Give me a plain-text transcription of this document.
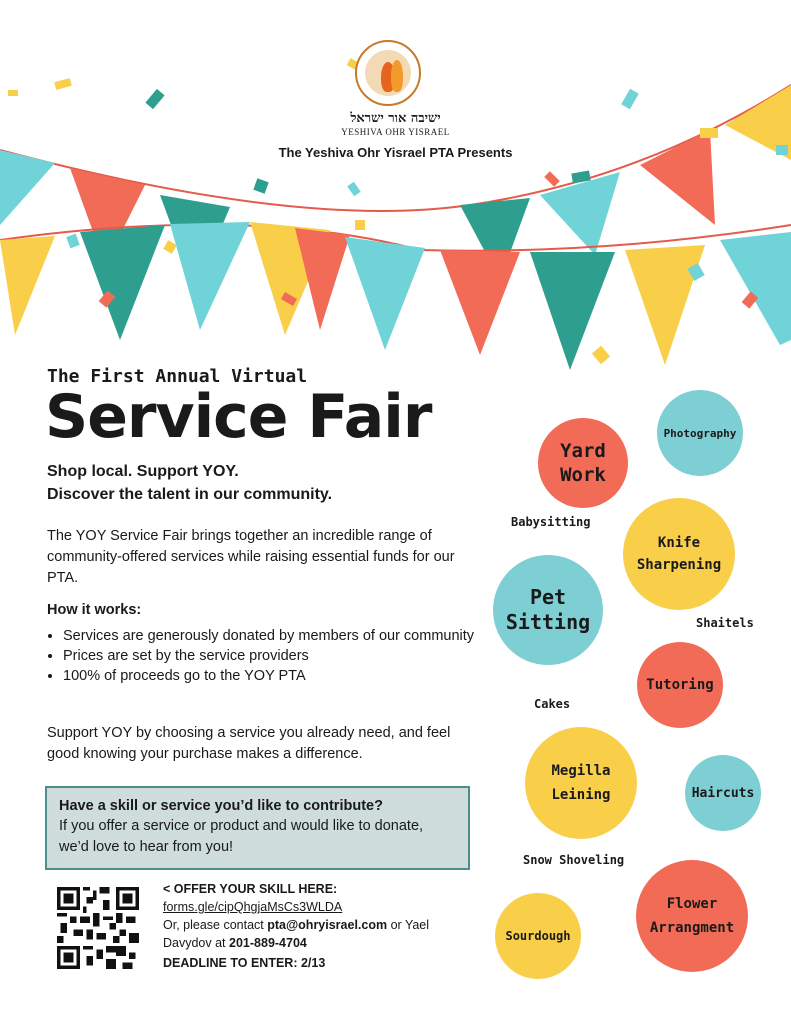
ישיבה אור ישראל
YESHIVA OHR YISRAEL
The Yeshiva Ohr Yisrael PTA Presents
The First Annual Virtual
Service Fair
Shop local. Support YOY.
Discover the talent in our community.
The YOY Service Fair brings together an incredible range of community-offered services while raising essential funds for our PTA.
How it works:
• Services are generously donated by members of our community
• Prices are set by the service providers
• 100% of proceeds go to the YOY PTA
Support YOY by choosing a service you already need, and feel good knowing your purchase makes a difference.
Have a skill or service you’d like to contribute?
If you offer a service or product and would like to donate, we’d love to hear from you!
< OFFER YOUR SKILL HERE:
forms.gle/cipQhgjaMsCs3WLDA
Or, please contact pta@ohryisrael.com or Yael Davydov at 201-889-4704
DEADLINE TO ENTER: 2/13
Yard Work
Photography
Babysitting
Knife Sharpening
Pet Sitting	Shaitels
Tutoring
Cakes
Megilla Leining	Haircuts
Snow Shoveling
Flower Arrangment
Sourdough
